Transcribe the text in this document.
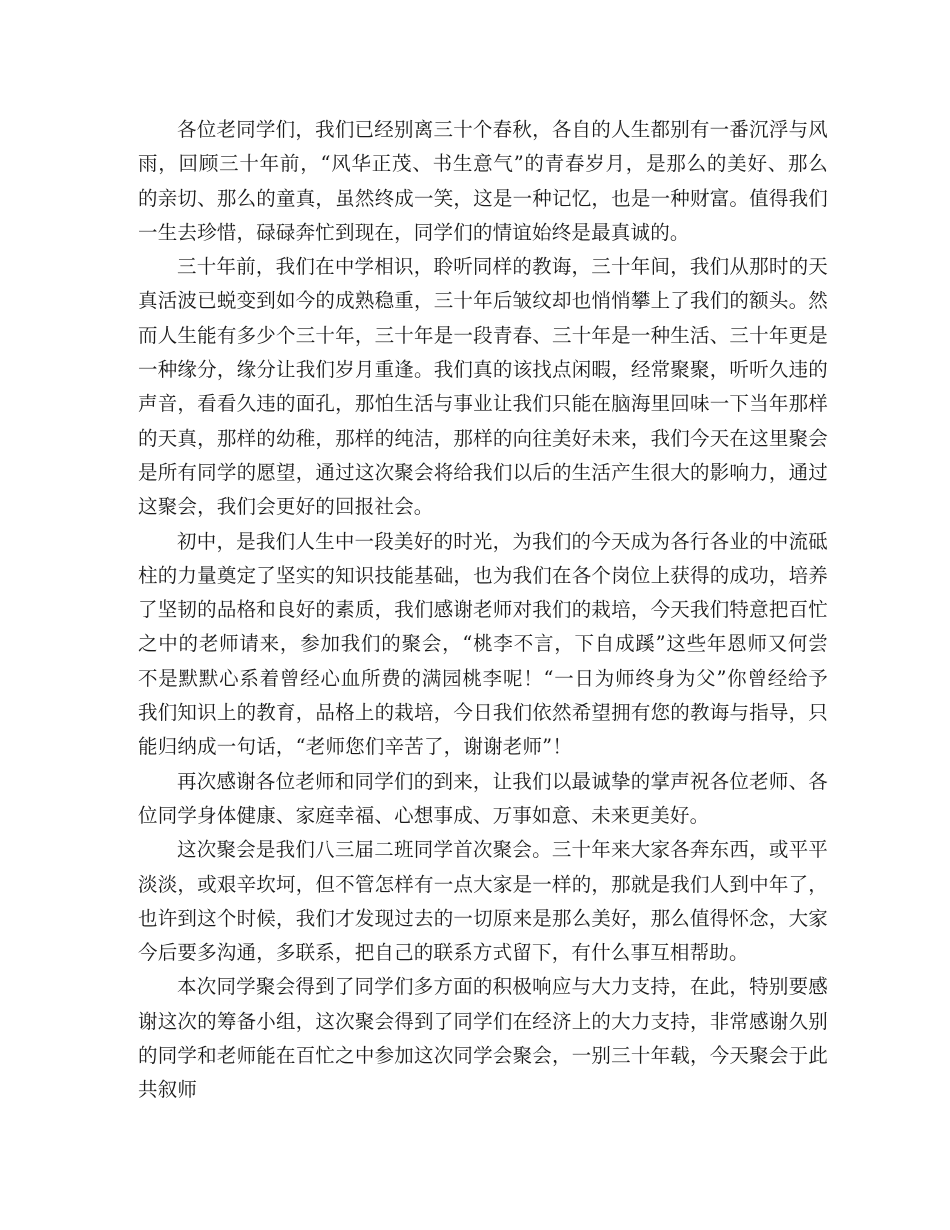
各位老同学们，我们已经别离三十个春秋，各自的人生都别有一番沉浮与风雨，回顾三十年前，“风华正茂、书生意气”的青春岁月，是那么的美好、那么的亲切、那么的童真，虽然终成一笑，这是一种记忆，也是一种财富。值得我们一生去珍惜，碌碌奔忙到现在，同学们的情谊始终是最真诚的。

三十年前，我们在中学相识，聆听同样的教诲，三十年间，我们从那时的天真活波已蜕变到如今的成熟稳重，三十年后皱纹却也悄悄攀上了我们的额头。然而人生能有多少个三十年，三十年是一段青春、三十年是一种生活、三十年更是一种缘分，缘分让我们岁月重逢。我们真的该找点闲暇，经常聚聚，听听久违的声音，看看久违的面孔，那怕生活与事业让我们只能在脑海里回味一下当年那样的天真，那样的幼稚，那样的纯洁，那样的向往美好未来，我们今天在这里聚会是所有同学的愿望，通过这次聚会将给我们以后的生活产生很大的影响力，通过这聚会，我们会更好的回报社会。

初中，是我们人生中一段美好的时光，为我们的今天成为各行各业的中流砥柱的力量奠定了坚实的知识技能基础，也为我们在各个岗位上获得的成功，培养了坚韧的品格和良好的素质，我们感谢老师对我们的栽培，今天我们特意把百忙之中的老师请来，参加我们的聚会，“桃李不言，下自成蹊”这些年恩师又何尝不是默默心系着曾经心血所费的满园桃李呢！“一日为师终身为父”你曾经给予我们知识上的教育，品格上的栽培，今日我们依然希望拥有您的教诲与指导，只能归纳成一句话，“老师您们辛苦了，谢谢老师”！

再次感谢各位老师和同学们的到来，让我们以最诚挚的掌声祝各位老师、各位同学身体健康、家庭幸福、心想事成、万事如意、未来更美好。

这次聚会是我们八三届二班同学首次聚会。三十年来大家各奔东西，或平平淡淡，或艰辛坎坷，但不管怎样有一点大家是一样的，那就是我们人到中年了，也许到这个时候，我们才发现过去的一切原来是那么美好，那么值得怀念，大家今后要多沟通，多联系，把自己的联系方式留下，有什么事互相帮助。

本次同学聚会得到了同学们多方面的积极响应与大力支持，在此，特别要感谢这次的筹备小组，这次聚会得到了同学们在经济上的大力支持，非常感谢久别的同学和老师能在百忙之中参加这次同学会聚会，一别三十年载，今天聚会于此共叙师
